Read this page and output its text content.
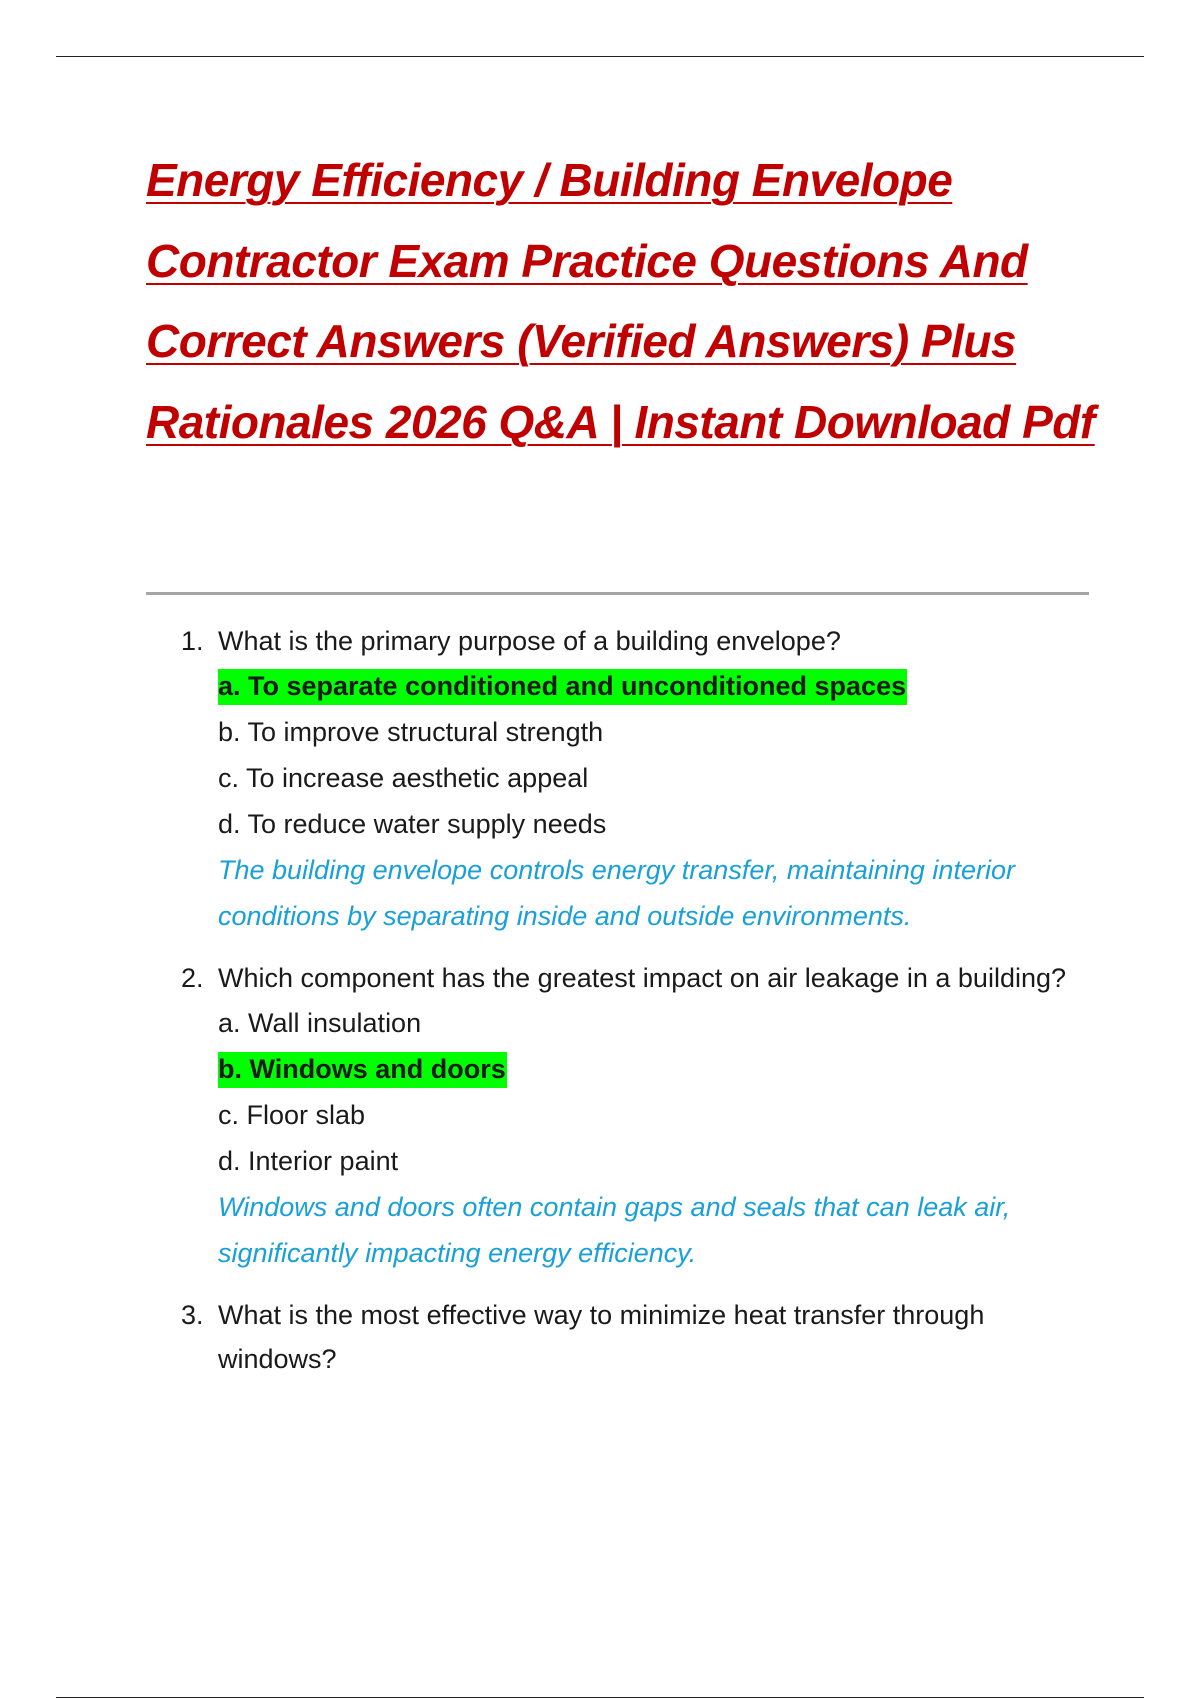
Energy Efficiency / Building Envelope Contractor Exam Practice Questions And Correct Answers (Verified Answers) Plus Rationales 2026 Q&A | Instant Download Pdf
1. What is the primary purpose of a building envelope?
a. To separate conditioned and unconditioned spaces
b. To improve structural strength
c. To increase aesthetic appeal
d. To reduce water supply needs
The building envelope controls energy transfer, maintaining interior conditions by separating inside and outside environments.
2. Which component has the greatest impact on air leakage in a building?
a. Wall insulation
b. Windows and doors
c. Floor slab
d. Interior paint
Windows and doors often contain gaps and seals that can leak air, significantly impacting energy efficiency.
3. What is the most effective way to minimize heat transfer through windows?
